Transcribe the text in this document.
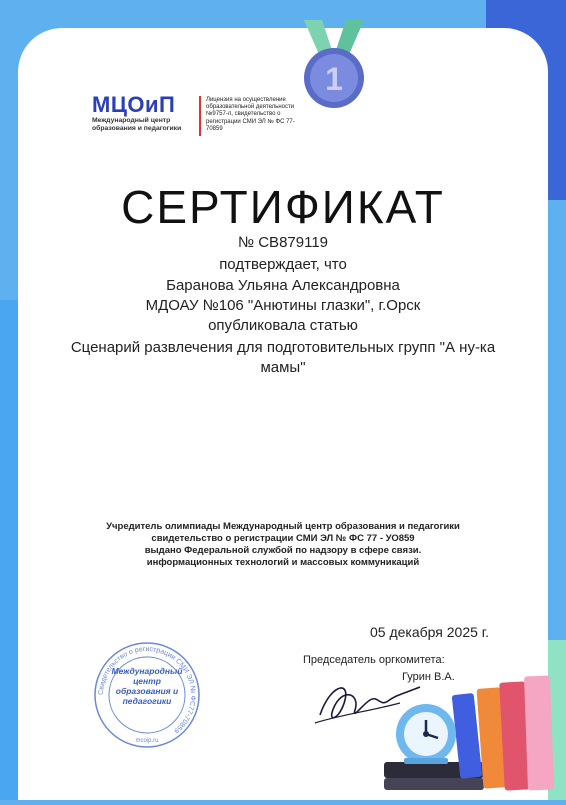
МЦОиП
Международный центр образования и педагогики
Лицензия на осуществление образовательной деятельности №9757-л, свидетельство о регистрации СМИ ЭЛ № ФС 77-70859
1
СЕРТИФИКАТ
№ CB879119
подтверждает, что
Баранова Ульяна Александровна
МДОАУ №106 "Анютины глазки", г.Орск
опубликовала статью
Сценарий развлечения для подготовительных групп "А ну-ка мамы"
Учредитель олимпиады Международный центр образования и педагогики
свидетельство о регистрации СМИ ЭЛ № ФС 77 - УО859
выдано Федеральной службой по надзору в сфере связи.
информационных технологий и массовых коммуникаций
05 декабря 2025 г.
Председатель оргкомитета:
Гурин В.А.
Свидетельство о регистрации СМИ ЭЛ № ФС77-70859
mcoip.ru
Международный центр образования и педагогики
